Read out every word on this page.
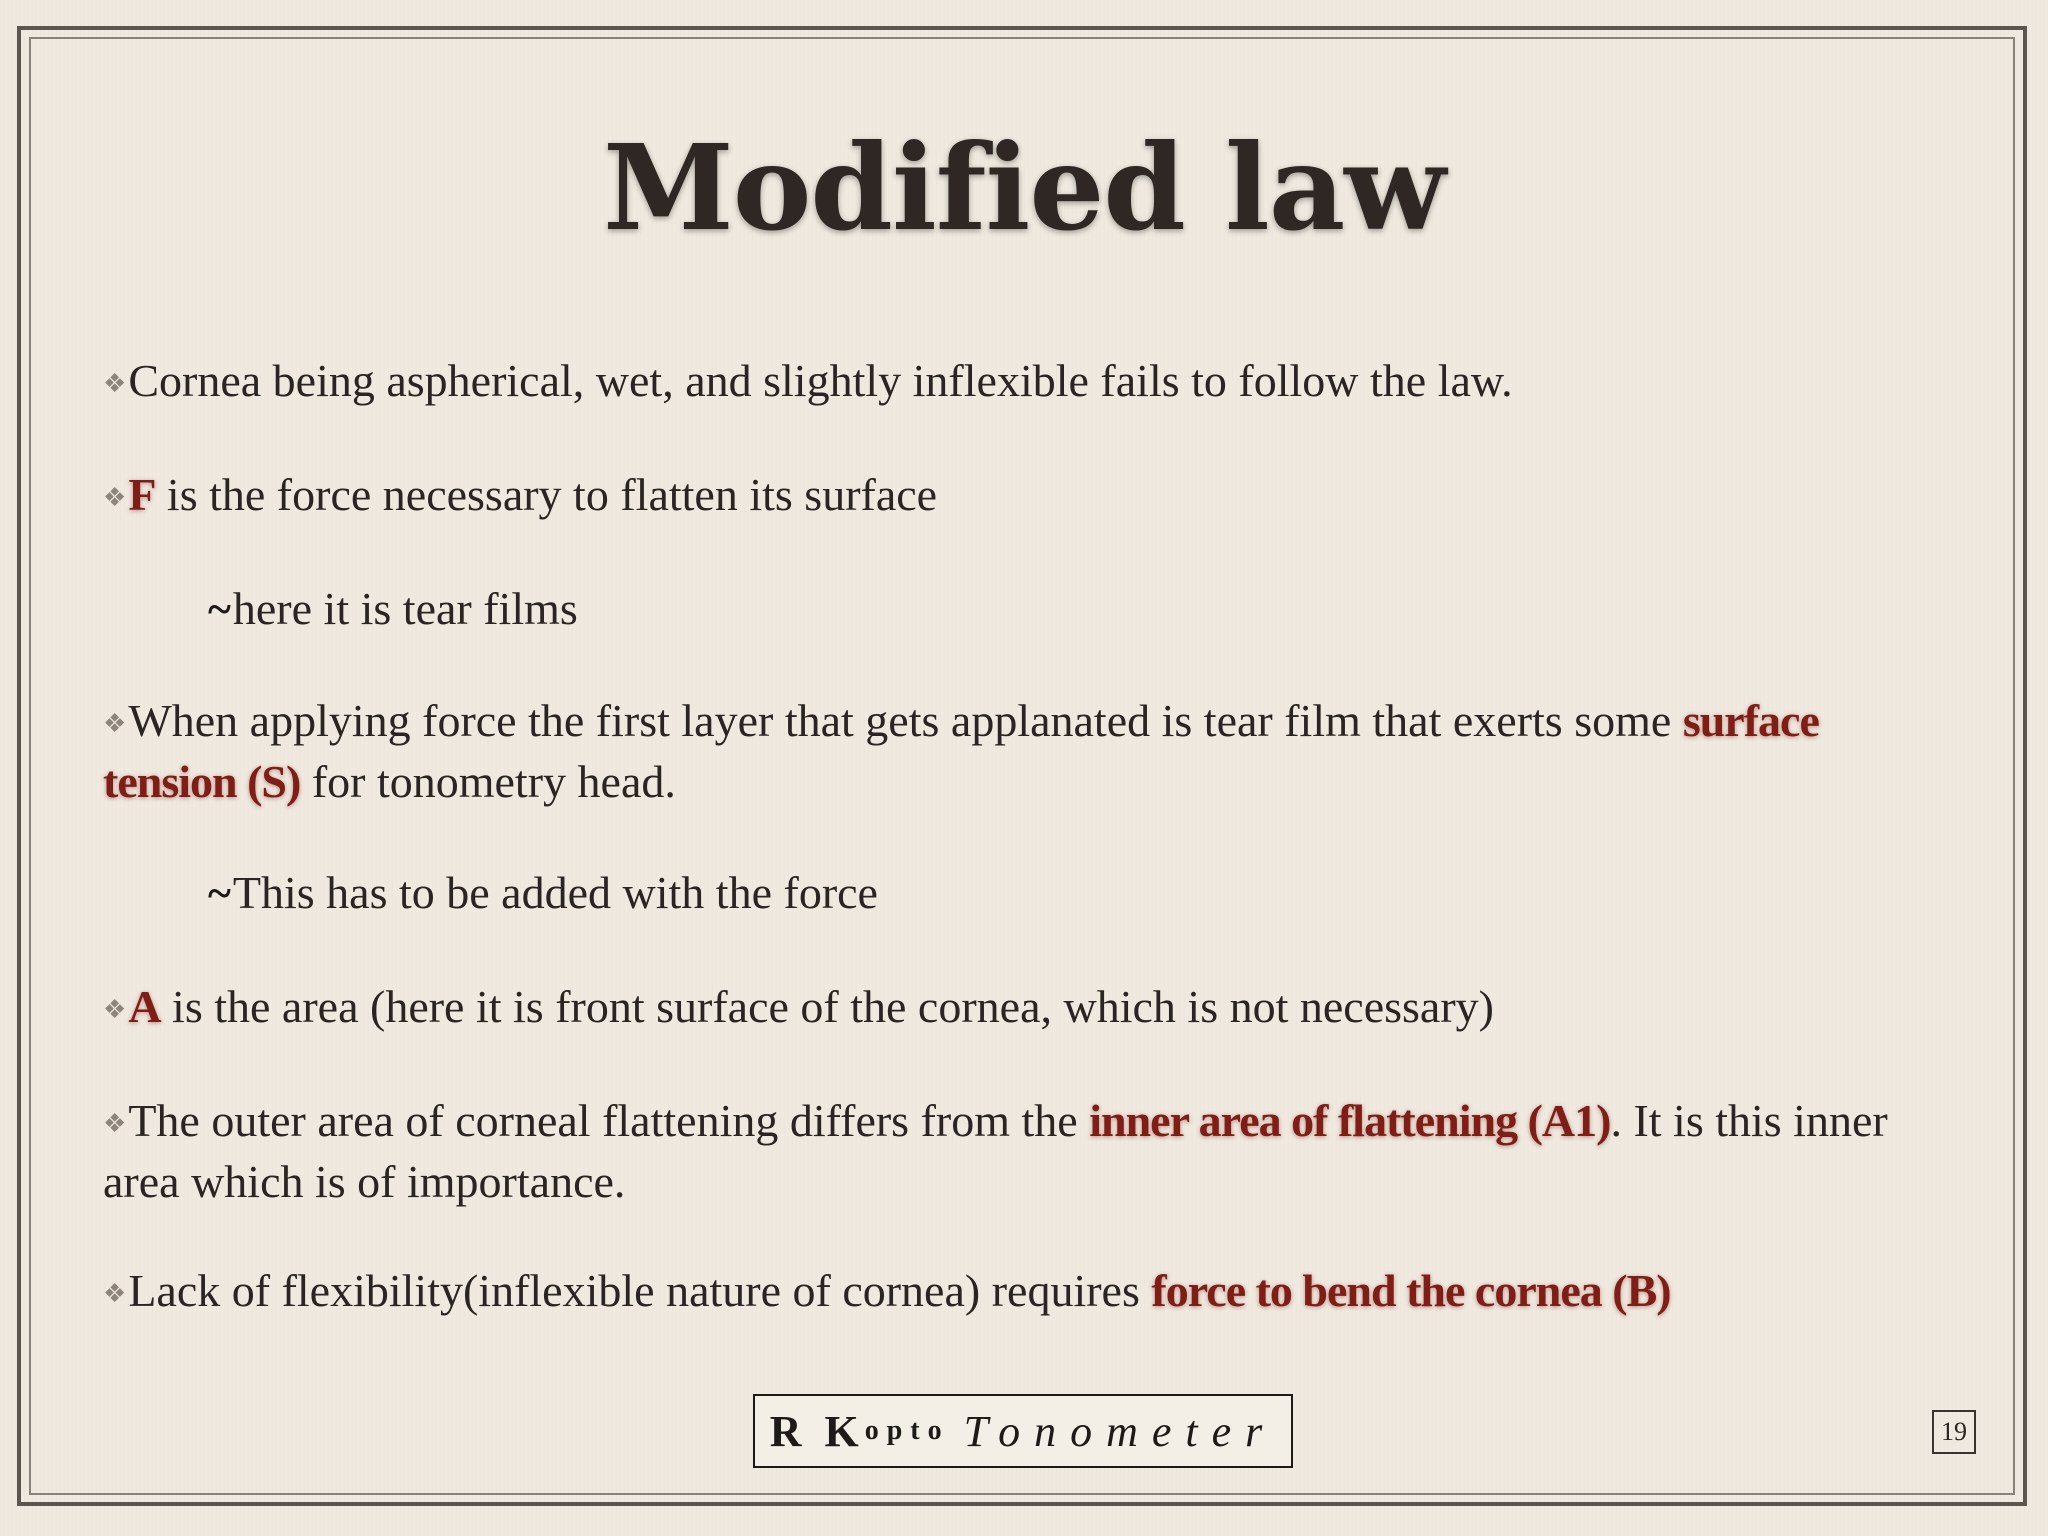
Modified law
❖Cornea being aspherical, wet, and slightly inflexible fails to follow the law.
❖F is the force necessary to flatten its surface
~here it is tear films
❖When applying force the first layer that gets applanated is tear film that exerts some surface tension (S) for tonometry head.
~This has to be added with the force
❖A is the area (here it is front surface of the cornea, which is not necessary)
❖The outer area of corneal flattening differs from the inner area of flattening (A1). It is this inner area which is of importance.
❖Lack of flexibility(inflexible nature of cornea) requires force to bend the cornea (B)
R K opto Tonometer	19
